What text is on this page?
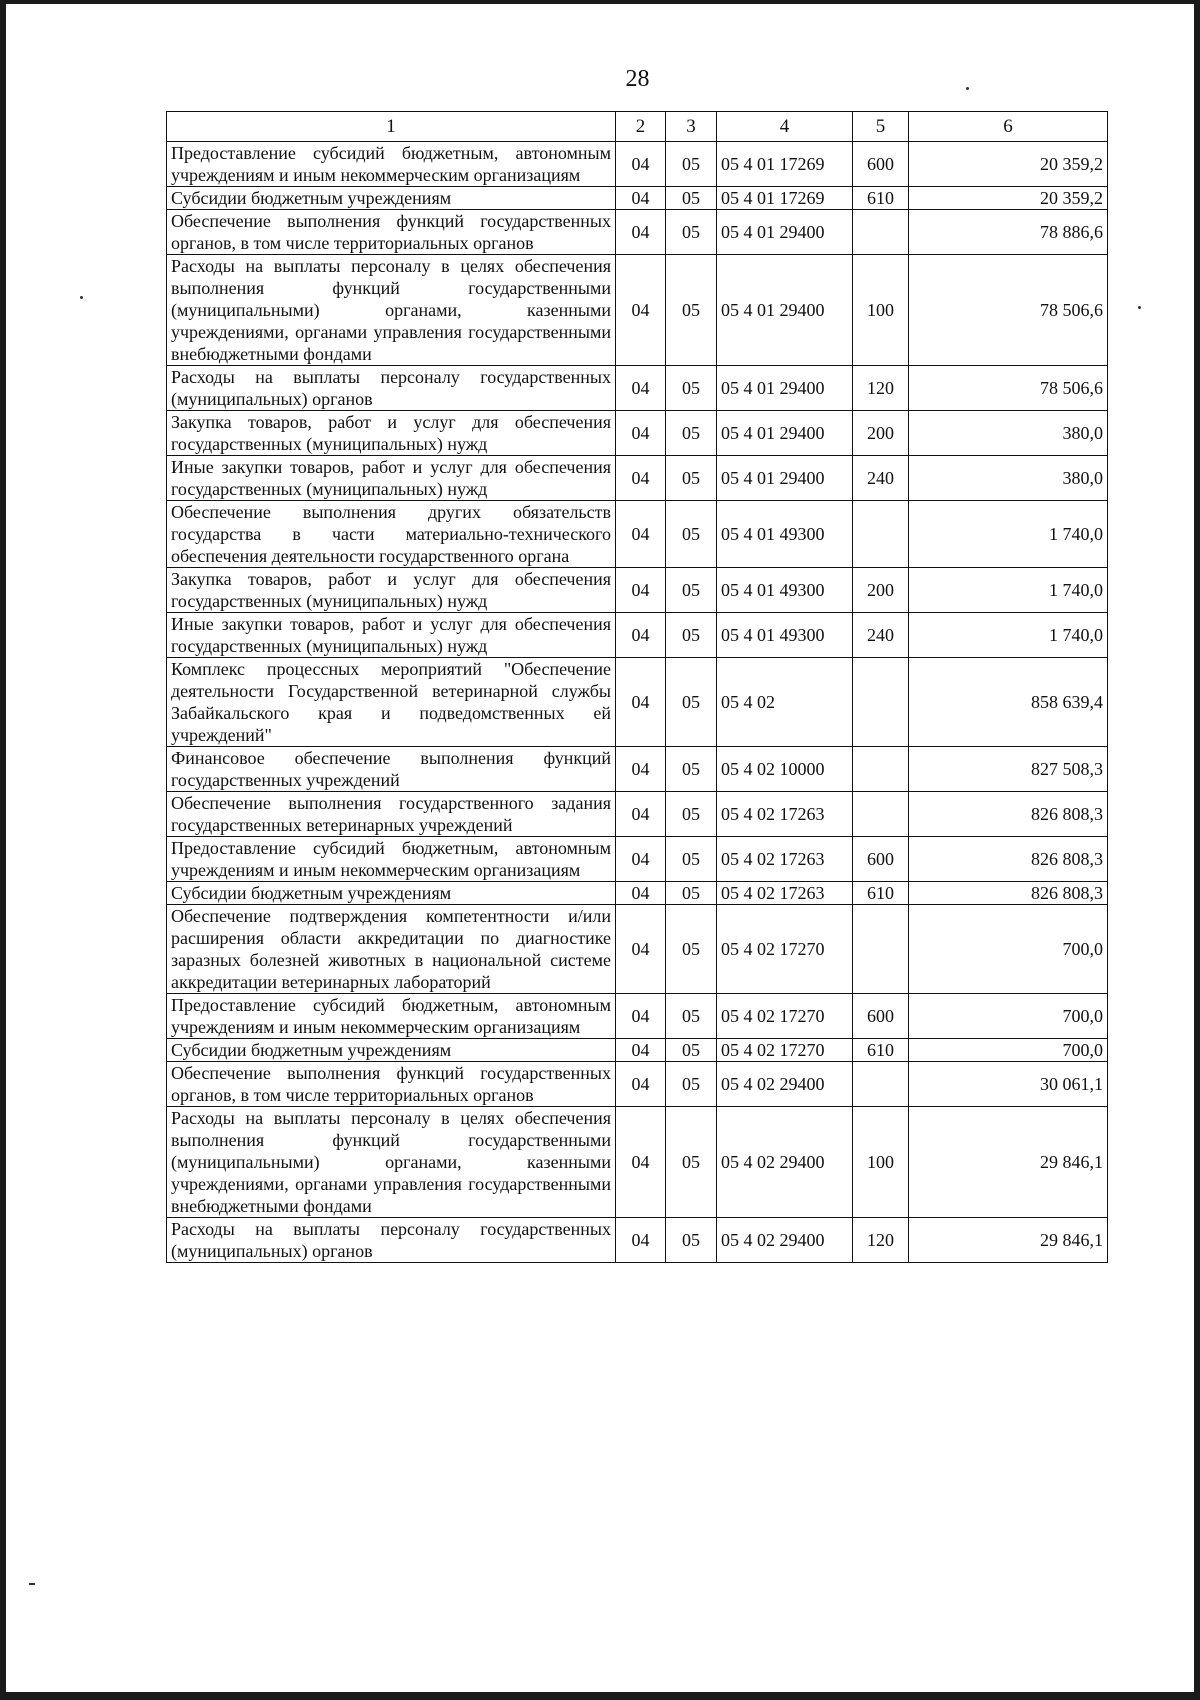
28
1	2	3	4	5	6
Предоставление субсидий бюджетным, автономным учреждениям и иным некоммерческим организациям	04	05	05 4 01 17269	600	20 359,2
Субсидии бюджетным учреждениям	04	05	05 4 01 17269	610	20 359,2
Обеспечение выполнения функций государственных органов, в том числе территориальных органов	04	05	05 4 01 29400		78 886,6
Расходы на выплаты персоналу в целях обеспечения выполнения функций государственными (муниципальными) органами, казенными учреждениями, органами управления государственными внебюджетными фондами	04	05	05 4 01 29400	100	78 506,6
Расходы на выплаты персоналу государственных (муниципальных) органов	04	05	05 4 01 29400	120	78 506,6
Закупка товаров, работ и услуг для обеспечения государственных (муниципальных) нужд	04	05	05 4 01 29400	200	380,0
Иные закупки товаров, работ и услуг для обеспечения государственных (муниципальных) нужд	04	05	05 4 01 29400	240	380,0
Обеспечение выполнения других обязательств государства в части материально-технического обеспечения деятельности государственного органа	04	05	05 4 01 49300		1 740,0
Закупка товаров, работ и услуг для обеспечения государственных (муниципальных) нужд	04	05	05 4 01 49300	200	1 740,0
Иные закупки товаров, работ и услуг для обеспечения государственных (муниципальных) нужд	04	05	05 4 01 49300	240	1 740,0
Комплекс процессных мероприятий "Обеспечение деятельности Государственной ветеринарной службы Забайкальского края и подведомственных ей учреждений"	04	05	05 4 02		858 639,4
Финансовое обеспечение выполнения функций государственных учреждений	04	05	05 4 02 10000		827 508,3
Обеспечение выполнения государственного задания государственных ветеринарных учреждений	04	05	05 4 02 17263		826 808,3
Предоставление субсидий бюджетным, автономным учреждениям и иным некоммерческим организациям	04	05	05 4 02 17263	600	826 808,3
Субсидии бюджетным учреждениям	04	05	05 4 02 17263	610	826 808,3
Обеспечение подтверждения компетентности и/или расширения области аккредитации по диагностике заразных болезней животных в национальной системе аккредитации ветеринарных лабораторий	04	05	05 4 02 17270		700,0
Предоставление субсидий бюджетным, автономным учреждениям и иным некоммерческим организациям	04	05	05 4 02 17270	600	700,0
Субсидии бюджетным учреждениям	04	05	05 4 02 17270	610	700,0
Обеспечение выполнения функций государственных органов, в том числе территориальных органов	04	05	05 4 02 29400		30 061,1
Расходы на выплаты персоналу в целях обеспечения выполнения функций государственными (муниципальными) органами, казенными учреждениями, органами управления государственными внебюджетными фондами	04	05	05 4 02 29400	100	29 846,1
Расходы на выплаты персоналу государственных (муниципальных) органов	04	05	05 4 02 29400	120	29 846,1
